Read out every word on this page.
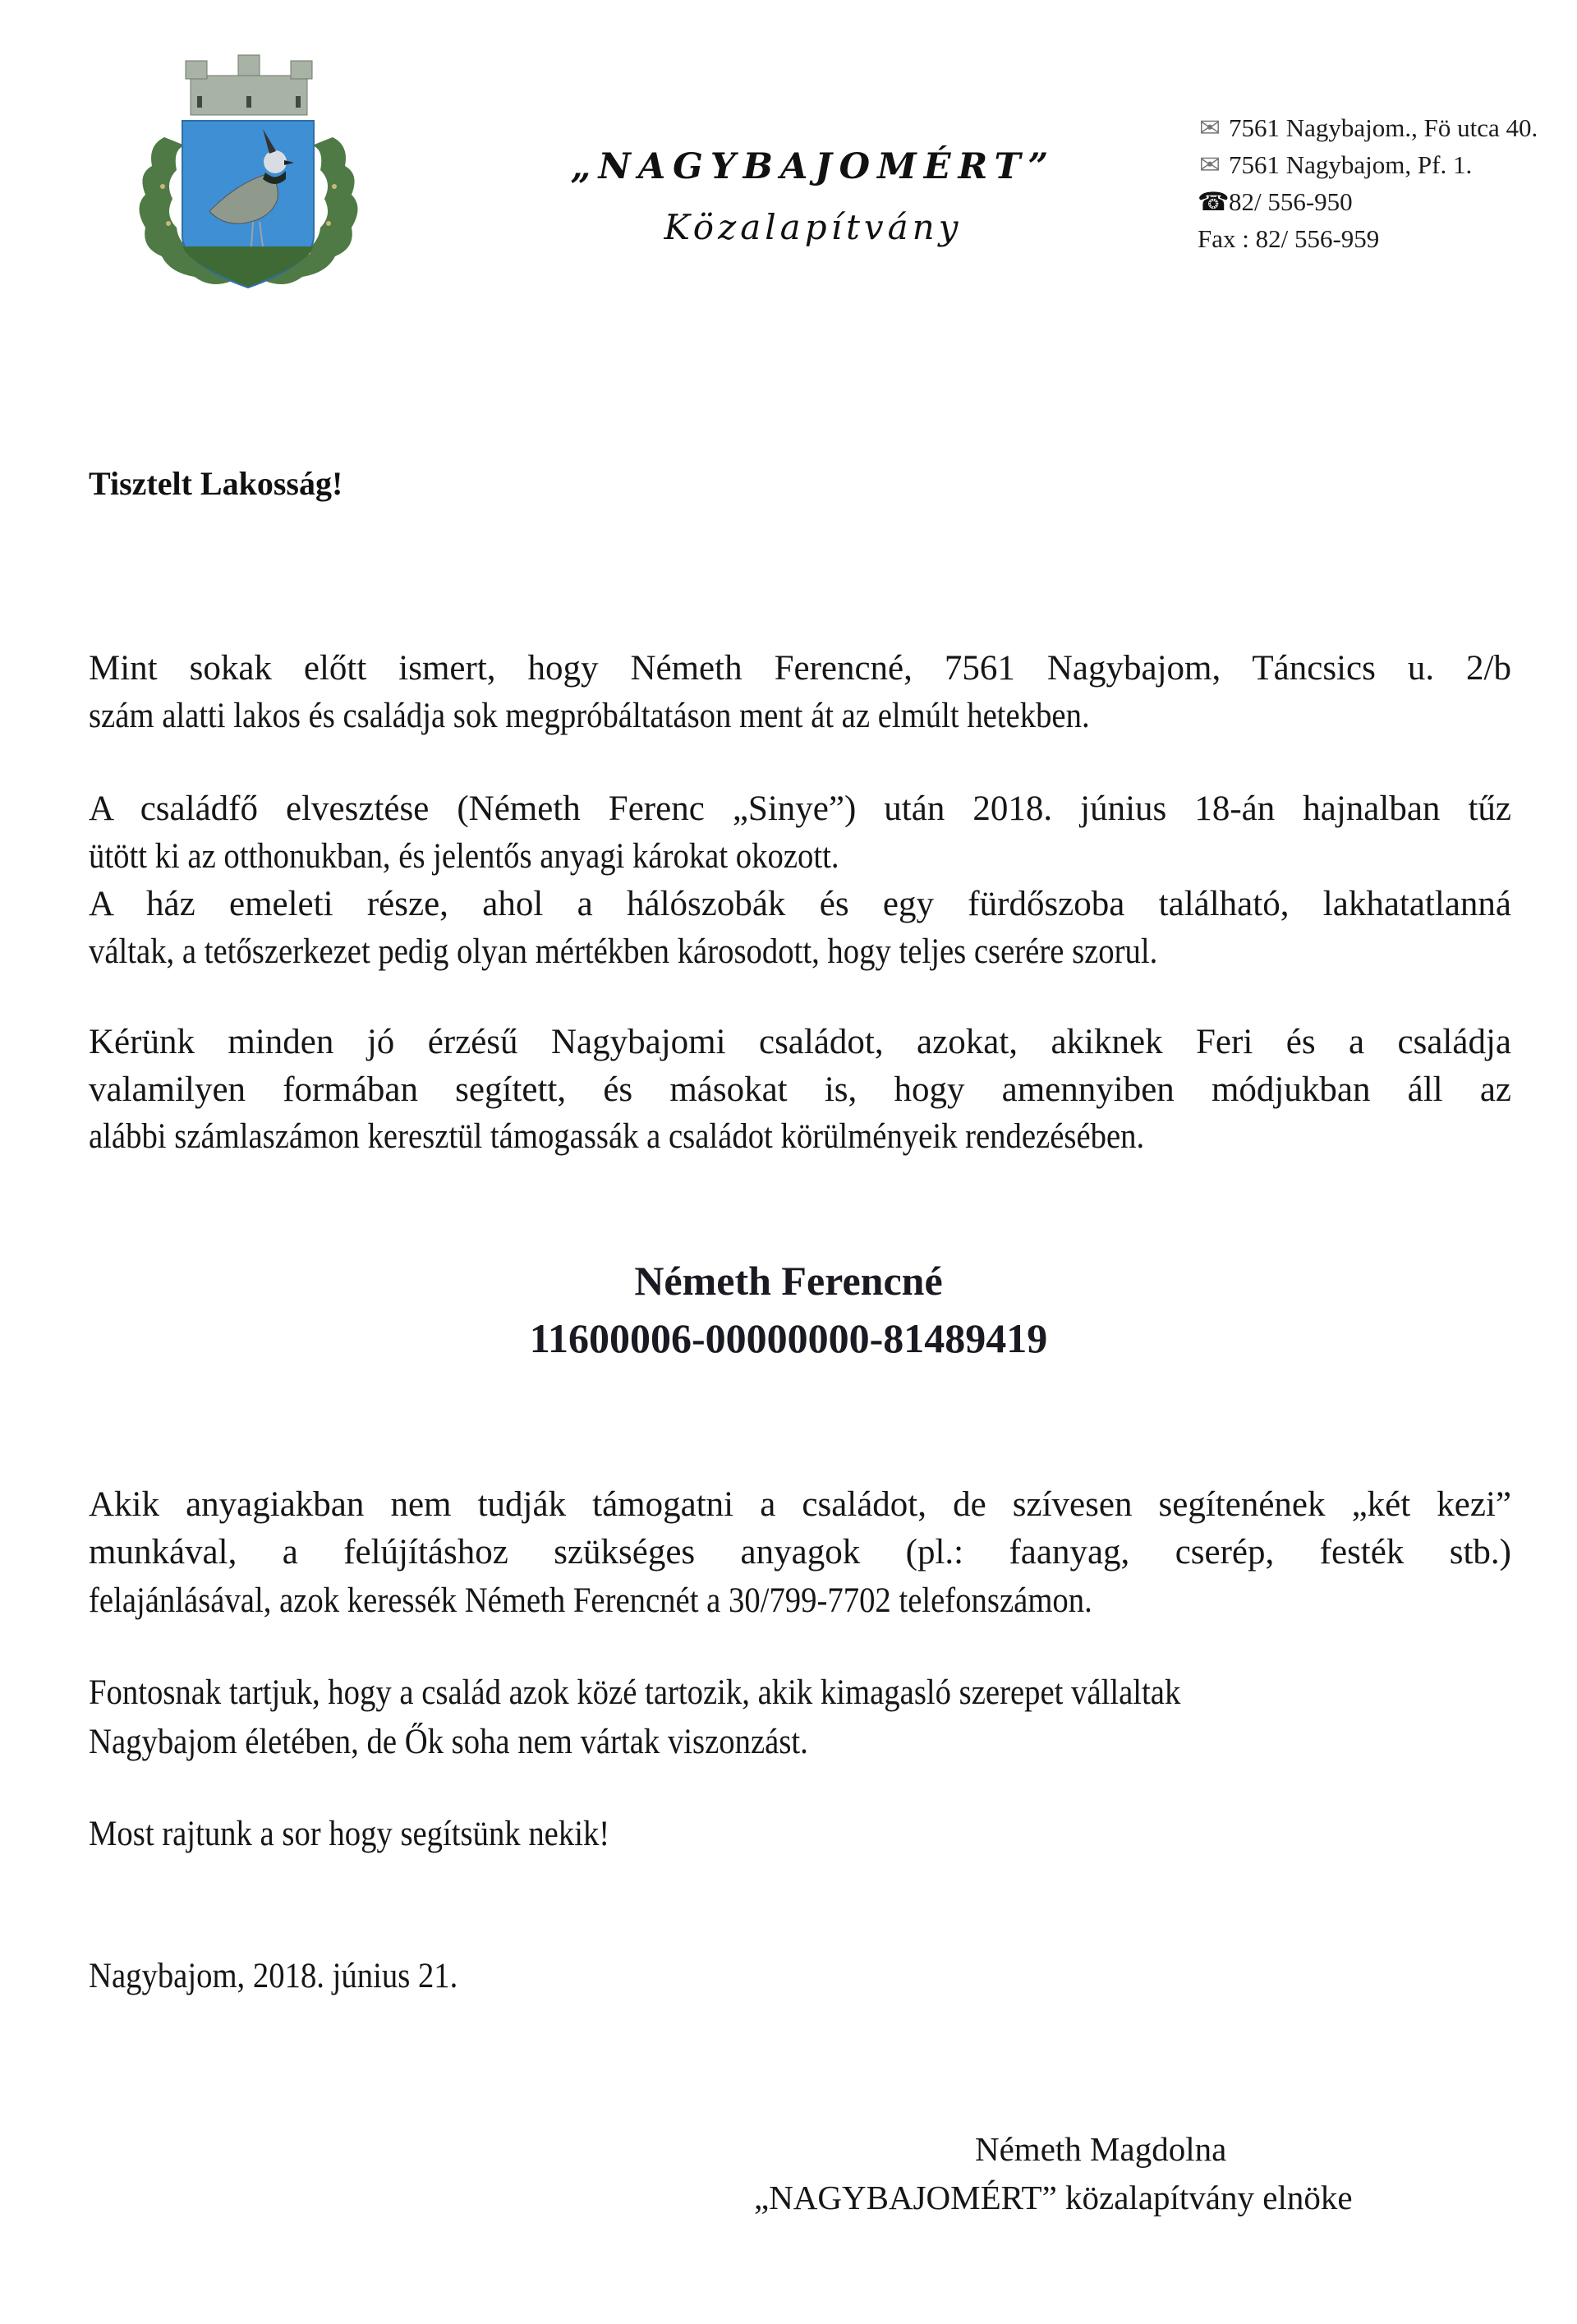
„NAGYBAJOMÉRT”
Közalapítvány
✉ 7561 Nagybajom., Fö utca 40.
✉ 7561 Nagybajom, Pf. 1.
☎82/ 556-950
Fax : 82/ 556-959
Tisztelt Lakosság!
Mint sokak előtt ismert, hogy Németh Ferencné, 7561 Nagybajom, Táncsics u. 2/b
szám alatti lakos és családja sok megpróbáltatáson ment át az elmúlt hetekben.
A családfő elvesztése (Németh Ferenc „Sinye”) után 2018. június 18-án hajnalban tűz
ütött ki az otthonukban, és jelentős anyagi károkat okozott.
A ház emeleti része, ahol a hálószobák és egy fürdőszoba található, lakhatatlanná
váltak, a tetőszerkezet pedig olyan mértékben károsodott, hogy teljes cserére szorul.
Kérünk minden jó érzésű Nagybajomi családot, azokat, akiknek Feri és a családja
valamilyen formában segített, és másokat is, hogy amennyiben módjukban áll az
alábbi számlaszámon keresztül támogassák a családot körülményeik rendezésében.
Németh Ferencné
11600006-00000000-81489419
Akik anyagiakban nem tudják támogatni a családot, de szívesen segítenének „két kezi”
munkával, a felújításhoz szükséges anyagok (pl.: faanyag, cserép, festék stb.)
felajánlásával, azok keressék Németh Ferencnét a 30/799-7702 telefonszámon.
Fontosnak tartjuk, hogy a család azok közé tartozik, akik kimagasló szerepet vállaltak
Nagybajom életében, de Ők soha nem vártak viszonzást.
Most rajtunk a sor hogy segítsünk nekik!
Nagybajom, 2018. június 21.
Németh Magdolna
„NAGYBAJOMÉRT” közalapítvány elnöke
